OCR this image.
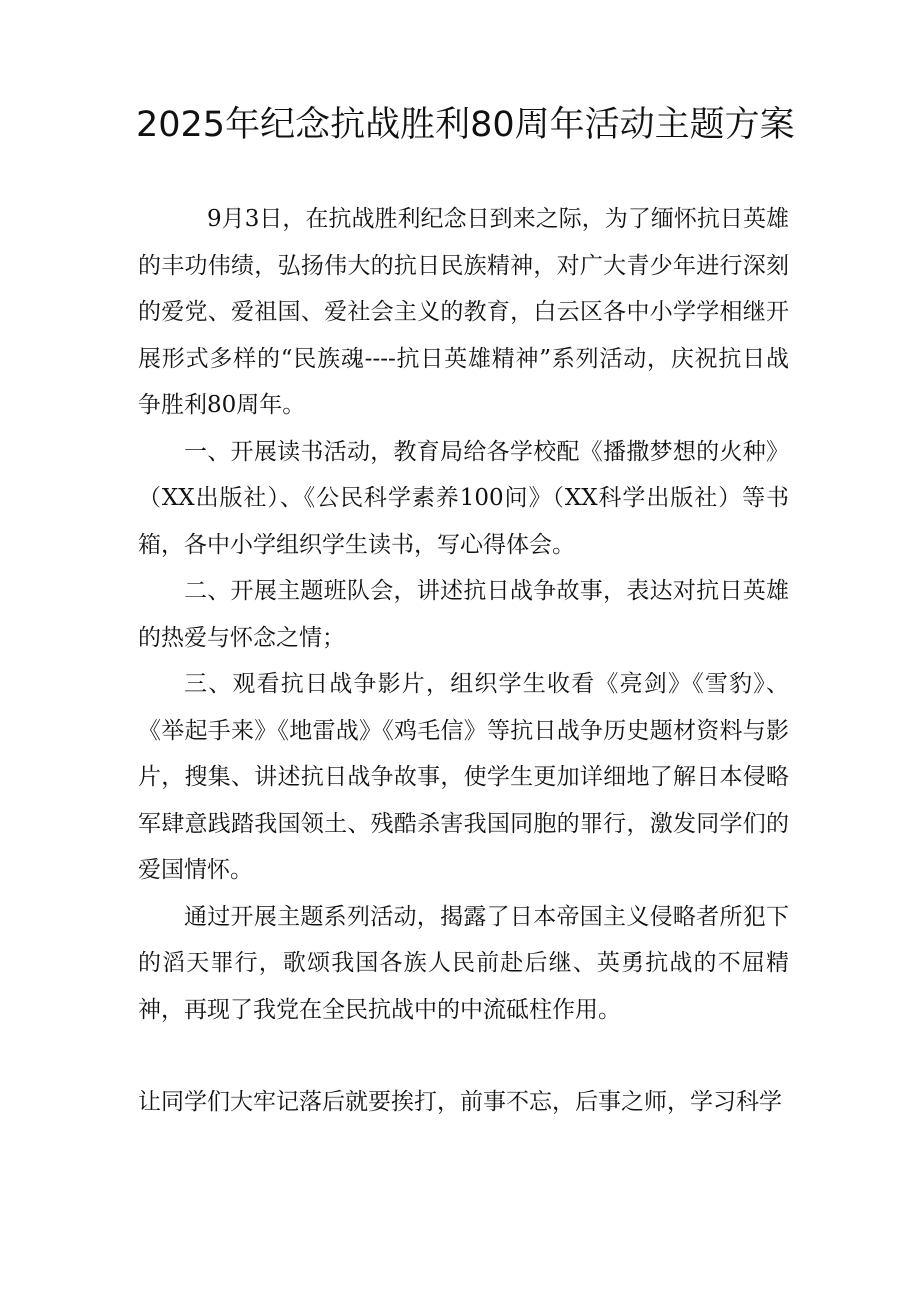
2025年纪念抗战胜利80周年活动主题方案

9月3日，在抗战胜利纪念日到来之际，为了缅怀抗日英雄的丰功伟绩，弘扬伟大的抗日民族精神，对广大青少年进行深刻的爱党、爱祖国、爱社会主义的教育，白云区各中小学学相继开展形式多样的“民族魂----抗日英雄精神”系列活动，庆祝抗日战争胜利80周年。

一、开展读书活动，教育局给各学校配《播撒梦想的火种》（XX出版社）、《公民科学素养100问》（XX科学出版社）等书箱，各中小学组织学生读书，写心得体会。

二、开展主题班队会，讲述抗日战争故事，表达对抗日英雄的热爱与怀念之情；

三、观看抗日战争影片，组织学生收看《亮剑》《雪豹》、《举起手来》《地雷战》《鸡毛信》等抗日战争历史题材资料与影片，搜集、讲述抗日战争故事，使学生更加详细地了解日本侵略军肆意践踏我国领土、残酷杀害我国同胞的罪行，激发同学们的爱国情怀。

通过开展主题系列活动，揭露了日本帝国主义侵略者所犯下的滔天罪行，歌颂我国各族人民前赴后继、英勇抗战的不屈精神，再现了我党在全民抗战中的中流砥柱作用。

让同学们大牢记落后就要挨打，前事不忘，后事之师，学习科学
